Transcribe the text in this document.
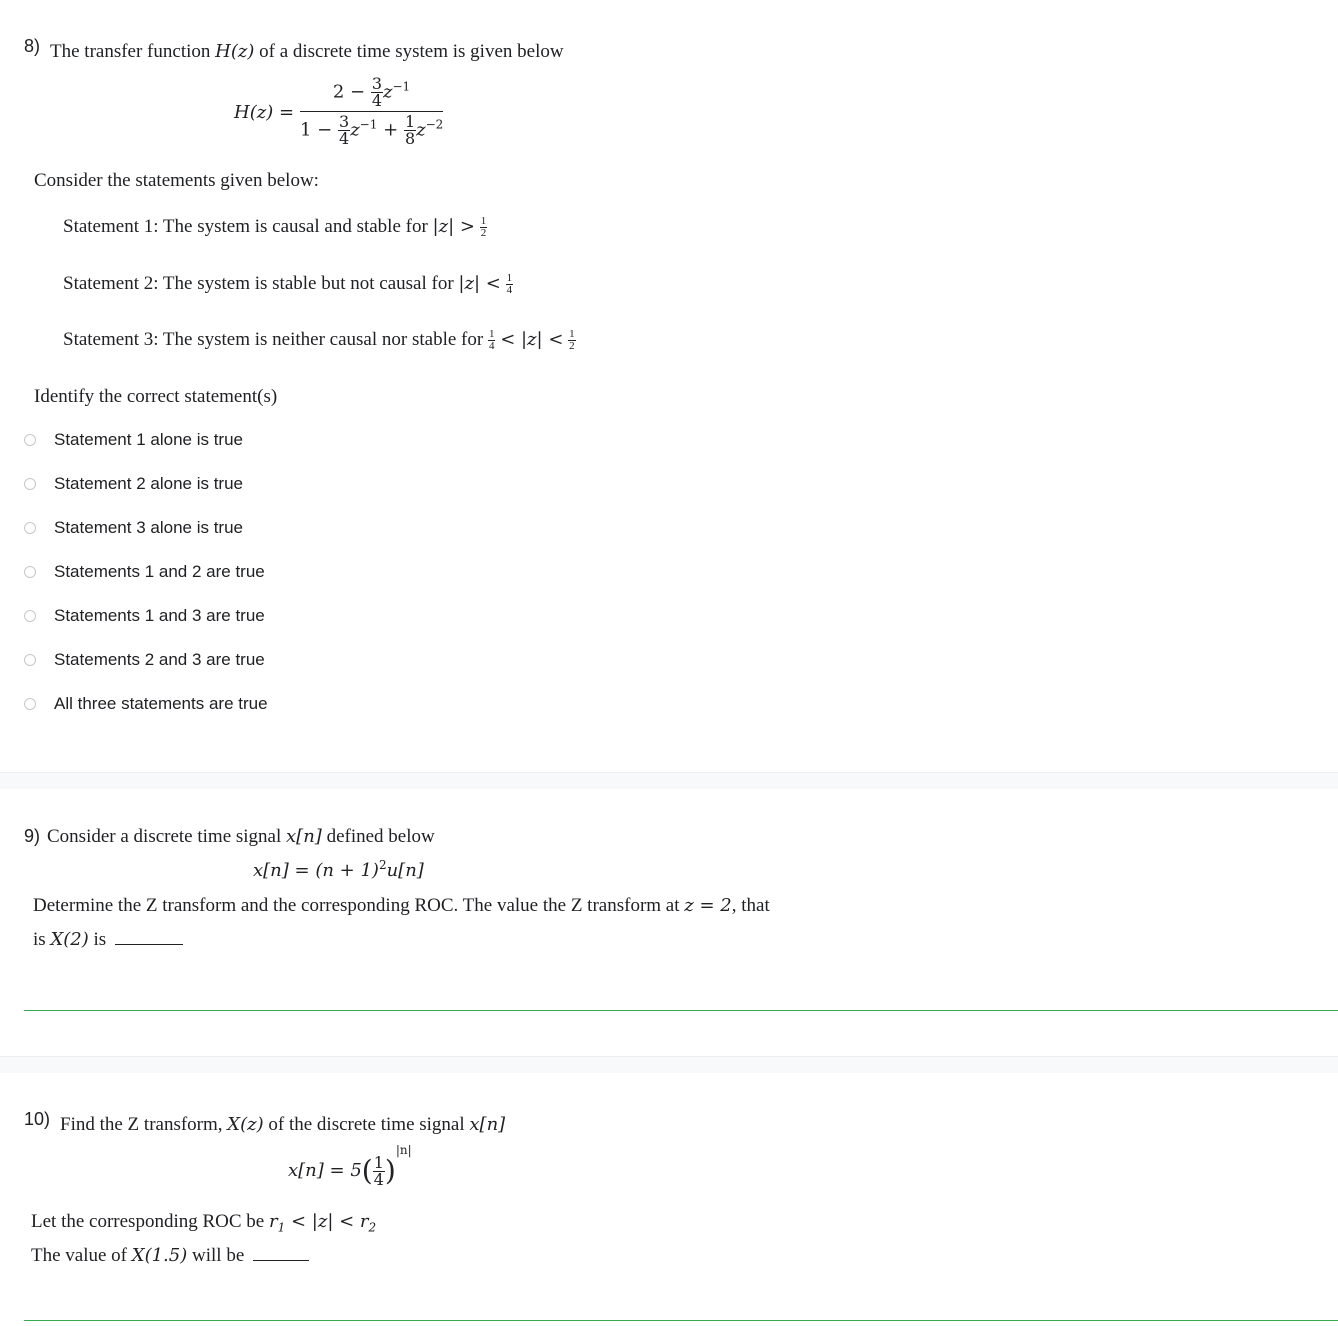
8) The transfer function H(z) of a discrete time system is given below
$H(z) = \frac{2 - \frac{3}{4} z^{-1}}{1 - \frac{3}{4} z^{-1} + \frac{1}{8} z^{-2}}$
Consider the statements given below:
Statement 1: The system is causal and stable for $|z| > \frac{1}{2}$
Statement 2: The system is stable but not causal for $|z| < \frac{1}{4}$
Statement 3: The system is neither causal nor stable for $\frac{1}{4} < |z| < \frac{1}{2}$
Identify the correct statement(s)
Statement 1 alone is true
Statement 2 alone is true
Statement 3 alone is true
Statements 1 and 2 are true
Statements 1 and 3 are true
Statements 2 and 3 are true
All three statements are true
9) Consider a discrete time signal x[n] defined below
$x[n] = (n + 1)^2u[n]$
Determine the Z transform and the corresponding ROC. The value the Z transform at z = 2, that
is X(2) is
10) Find the Z transform, X(z) of the discrete time signal x[n]
$x[n] = 5( \frac{1}{4} )^{|n|}$
Let the corresponding ROC be $r_1 < |z| < r_2$
The value of X(1.5) will be
